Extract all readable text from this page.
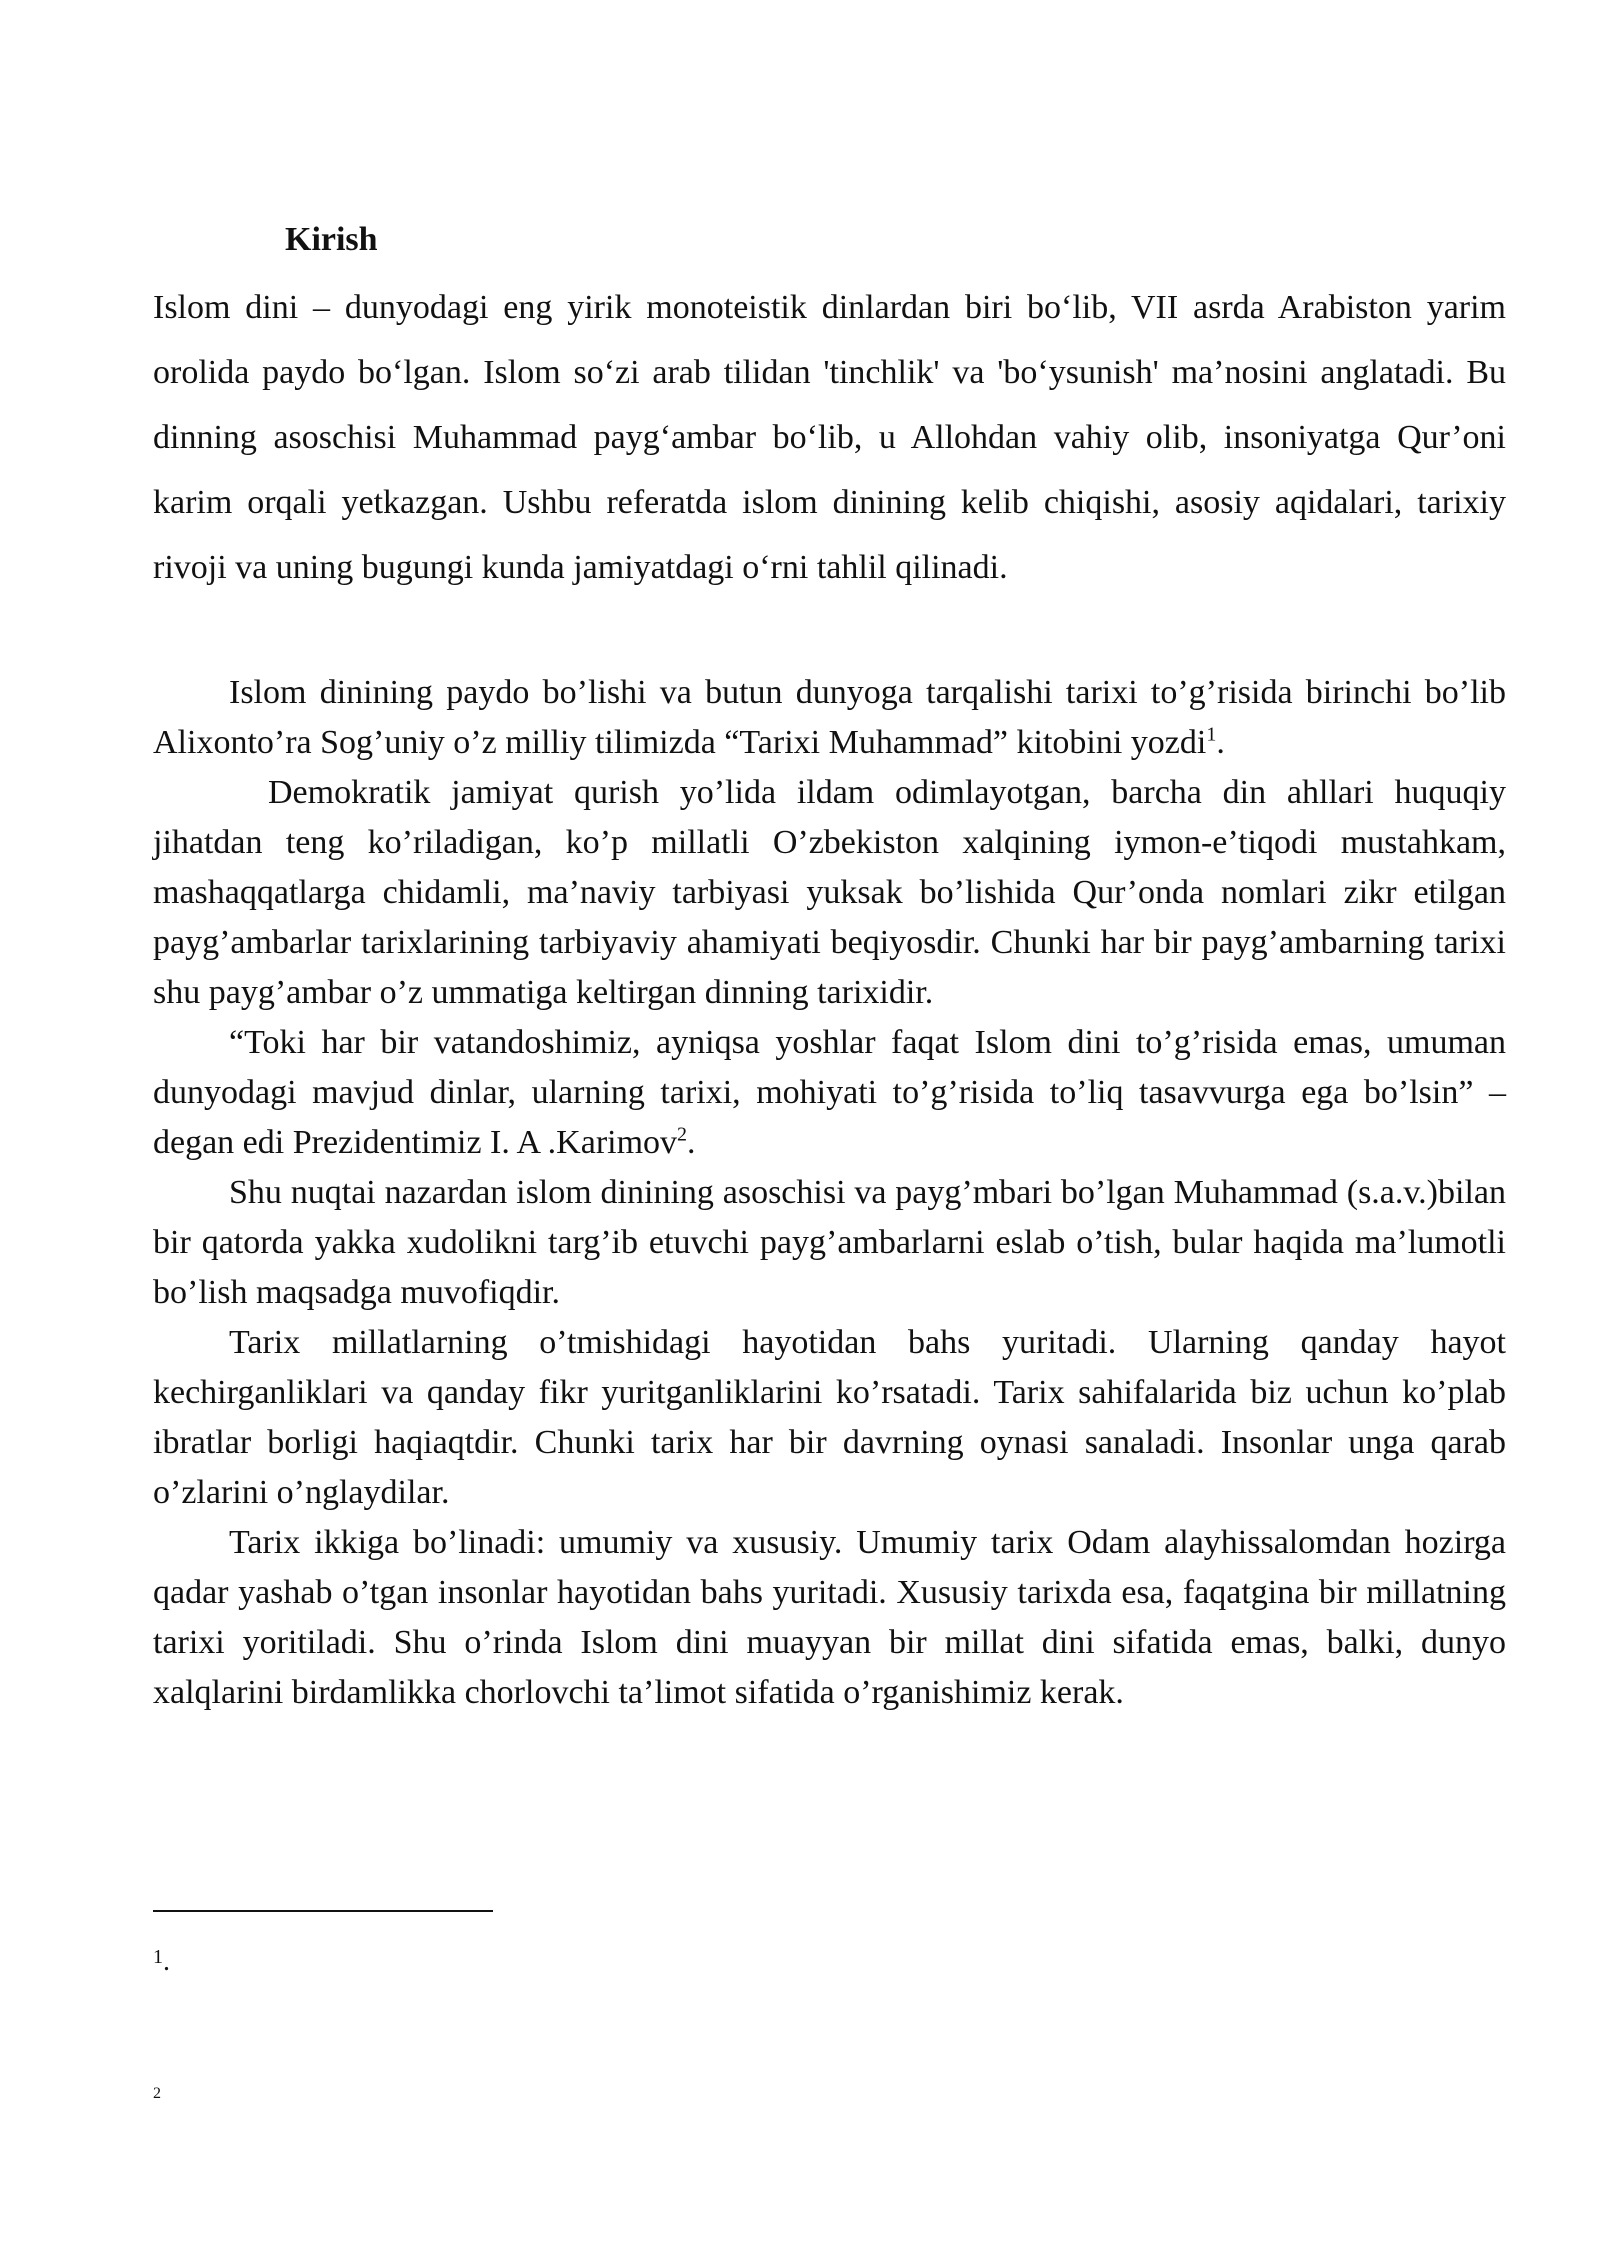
Kirish

Islom dini – dunyodagi eng yirik monoteistik dinlardan biri bo‘lib, VII asrda Arabiston yarim orolida paydo bo‘lgan. Islom so‘zi arab tilidan 'tinchlik' va 'bo‘ysunish' ma’nosini anglatadi. Bu dinning asoschisi Muhammad payg‘ambar bo‘lib, u Allohdan vahiy olib, insoniyatga Qur’oni karim orqali yetkazgan. Ushbu referatda islom dinining kelib chiqishi, asosiy aqidalari, tarixiy rivoji va uning bugungi kunda jamiyatdagi o‘rni tahlil qilinadi.

Islom dinining paydo bo’lishi va butun dunyoga tarqalishi tarixi to’g’risida birinchi bo’lib Alixonto’ra Sog’uniy o’z milliy tilimizda “Tarixi Muhammad” kitobini yozdi$^1$.

Demokratik jamiyat qurish yo’lida ildam odimlayotgan, barcha din ahllari huquqiy jihatdan teng ko’riladigan, ko’p millatli O’zbekiston xalqining iymon-e’tiqodi mustahkam, mashaqqatlarga chidamli, ma’naviy tarbiyasi yuksak bo’lishida Qur’onda nomlari zikr etilgan payg’ambarlar tarixlarining tarbiyaviy ahamiyati beqiyosdir. Chunki har bir payg’ambarning tarixi shu payg’ambar o’z ummatiga keltirgan dinning tarixidir.

“Toki har bir vatandoshimiz, ayniqsa yoshlar faqat Islom dini to’g’risida emas, umuman dunyodagi mavjud dinlar, ularning tarixi, mohiyati to’g’risida to’liq tasavvurga ega bo’lsin” – degan edi Prezidentimiz I. A .Karimov$^2$.

Shu nuqtai nazardan islom dinining asoschisi va payg’mbari bo’lgan Muhammad (s.a.v.)bilan bir qatorda yakka xudolikni targ’ib etuvchi payg’ambarlarni eslab o’tish, bular haqida ma’lumotli bo’lish maqsadga muvofiqdir.

Tarix millatlarning o’tmishidagi hayotidan bahs yuritadi. Ularning qanday hayot kechirganliklari va qanday fikr yuritganliklarini ko’rsatadi. Tarix sahifalarida biz uchun ko’plab ibratlar borligi haqiaqtdir. Chunki tarix har bir davrning oynasi sanaladi. Insonlar unga qarab o’zlarini o’nglaydilar.

Tarix ikkiga bo’linadi: umumiy va xususiy. Umumiy tarix Odam alayhissalomdan hozirga qadar yashab o’tgan insonlar hayotidan bahs yuritadi. Xususiy tarixda esa, faqatgina bir millatning tarixi yoritiladi. Shu o’rinda Islom dini muayyan bir millat dini sifatida emas, balki, dunyo xalqlarini birdamlikka chorlovchi ta’limot sifatida o’rganishimiz kerak.

$^1$.
2
